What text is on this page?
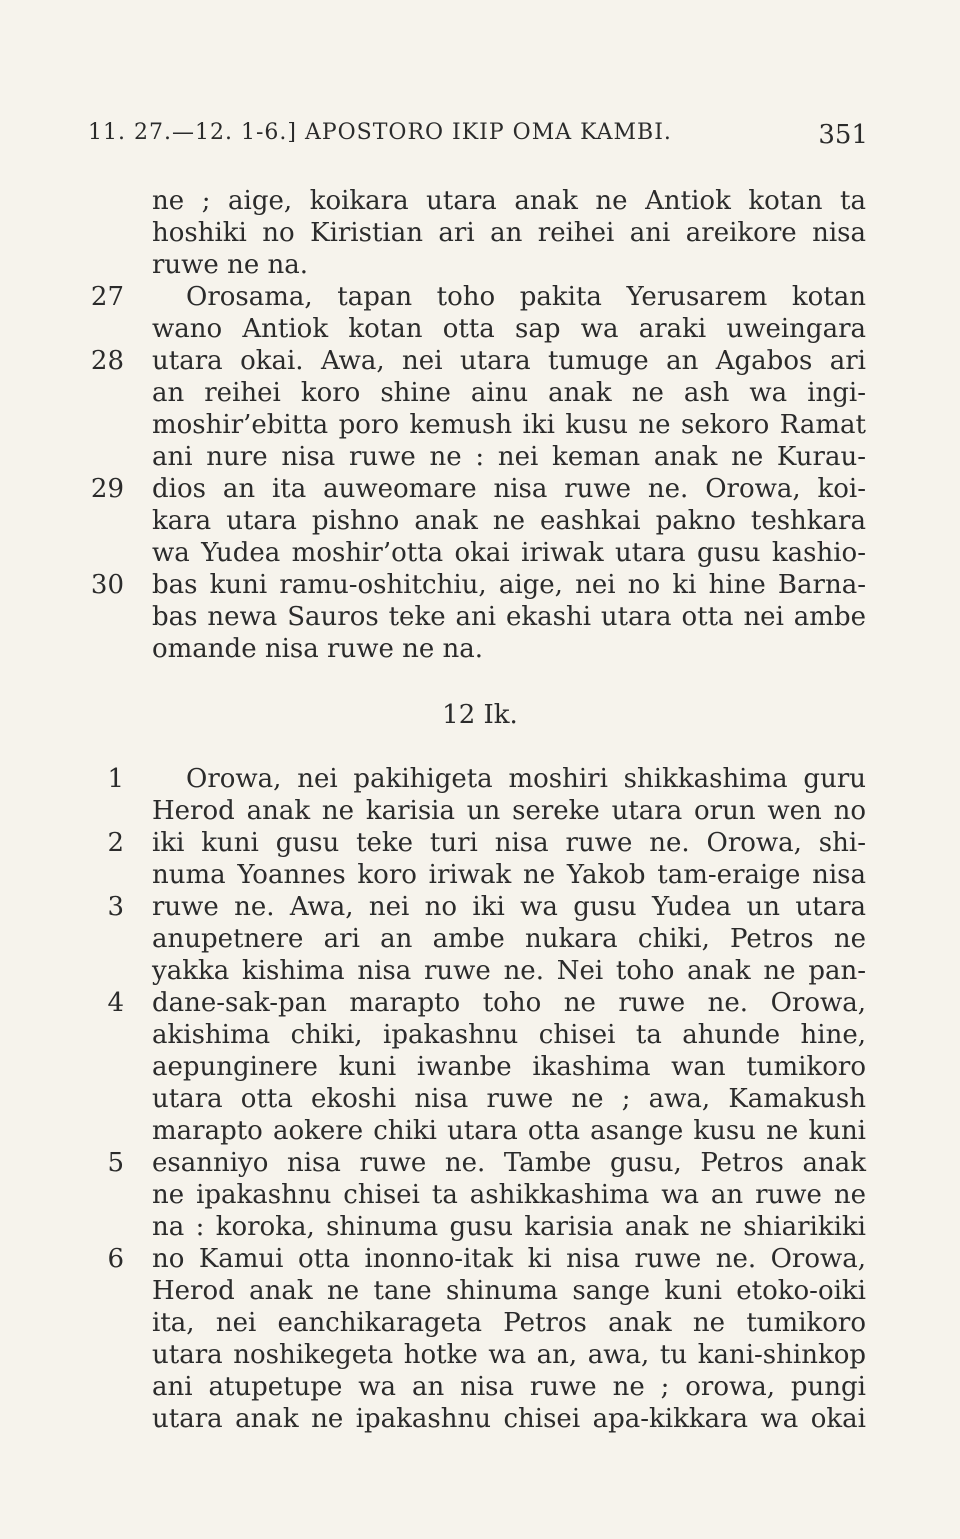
11. 27.—12. 1-6.] APOSTORO IKIP OMA KAMBI.	351
ne ; aige, koikara utara anak ne Antiok kotan ta
hoshiki no Kiristian ari an reihei ani areikore nisa
ruwe ne na.
27	Orosama, tapan toho pakita Yerusarem kotan
wano Antiok kotan otta sap wa araki uweingara
28 utara okai. Awa, nei utara tumuge an Agabos ari
an reihei koro shine ainu anak ne ash wa ingi-
moshir’ebitta poro kemush iki kusu ne sekoro Ramat
ani nure nisa ruwe ne : nei keman anak ne Kurau-
29 dios an ita auweomare nisa ruwe ne. Orowa, koi-
kara utara pishno anak ne eashkai pakno teshkara
wa Yudea moshir’otta okai iriwak utara gusu kashio-
30 bas kuni ramu-oshitchiu, aige, nei no ki hine Barna-
bas newa Sauros teke ani ekashi utara otta nei ambe
omande nisa ruwe ne na.
12 Ik.
1	Orowa, nei pakihigeta moshiri shikkashima guru
Herod anak ne karisia un sereke utara orun wen no
2 iki kuni gusu teke turi nisa ruwe ne. Orowa, shi-
numa Yoannes koro iriwak ne Yakob tam-eraige nisa
3 ruwe ne. Awa, nei no iki wa gusu Yudea un utara
anupetnere ari an ambe nukara chiki, Petros ne
yakka kishima nisa ruwe ne. Nei toho anak ne pan-
4 dane-sak-pan marapto toho ne ruwe ne. Orowa,
akishima chiki, ipakashnu chisei ta ahunde hine,
aepunginere kuni iwanbe ikashima wan tumikoro
utara otta ekoshi nisa ruwe ne ; awa, Kamakush
marapto aokere chiki utara otta asange kusu ne kuni
5 esanniyo nisa ruwe ne. Tambe gusu, Petros anak
ne ipakashnu chisei ta ashikkashima wa an ruwe ne
na : koroka, shinuma gusu karisia anak ne shiarikiki
6 no Kamui otta inonno-itak ki nisa ruwe ne. Orowa,
Herod anak ne tane shinuma sange kuni etoko-oiki
ita, nei eanchikarageta Petros anak ne tumikoro
utara noshikegeta hotke wa an, awa, tu kani-shinkop
ani atupetupe wa an nisa ruwe ne ; orowa, pungi
utara anak ne ipakashnu chisei apa-kikkara wa okai
